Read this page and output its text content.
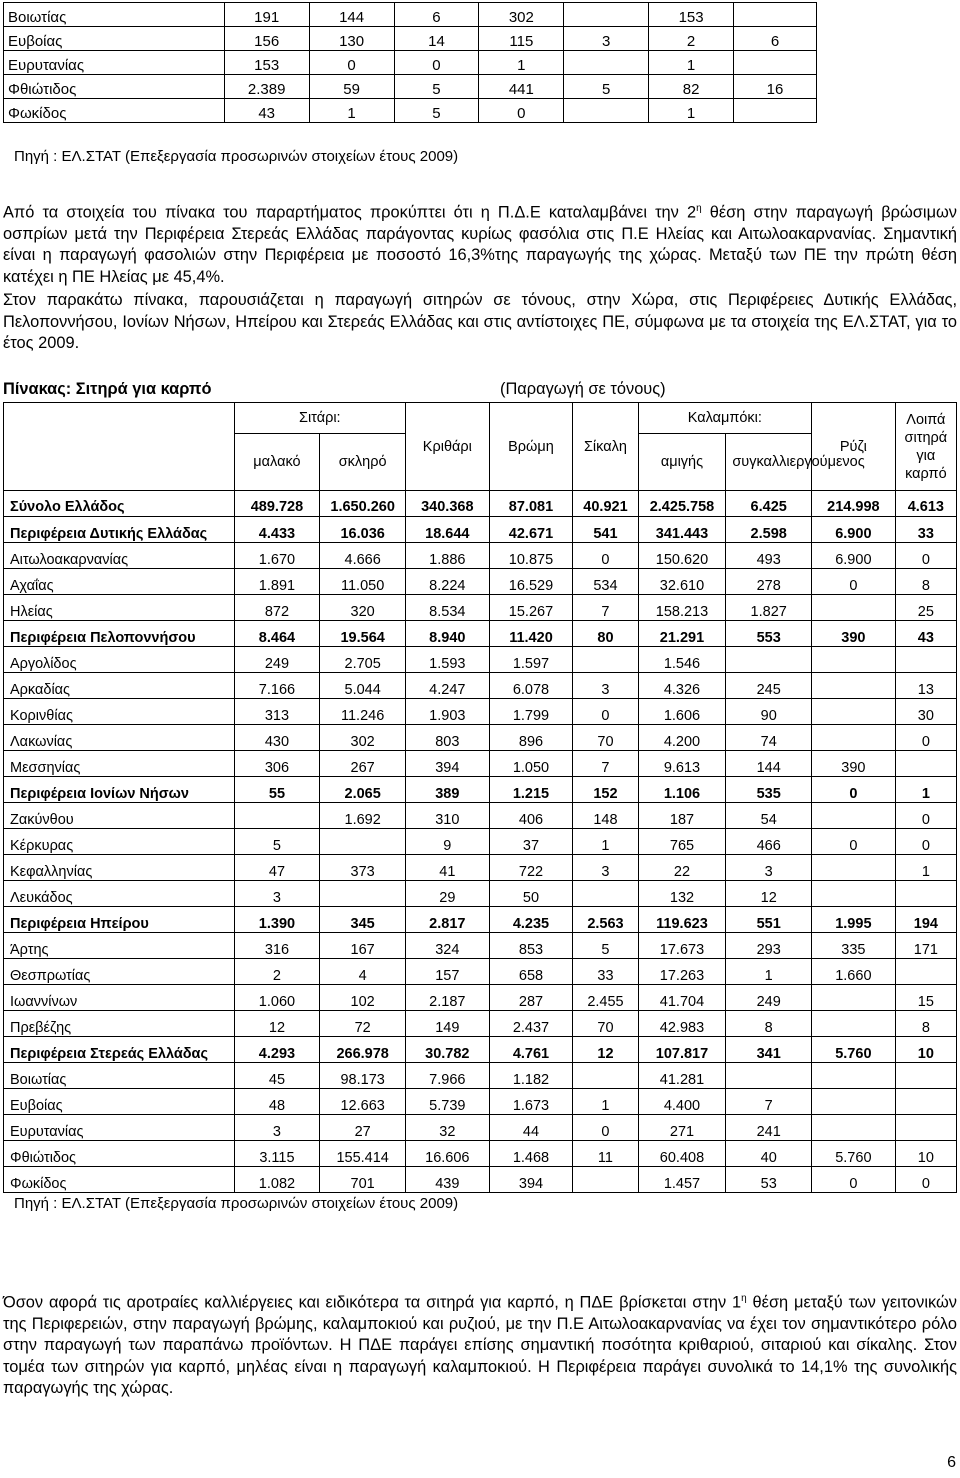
Βοιωτίας	191	144	6	302		153	
Ευβοίας	156	130	14	115	3	2	6
Ευρυτανίας	153	0	0	1		1	
Φθιώτιδος	2.389	59	5	441	5	82	16
Φωκίδος	43	1	5	0		1	
Πηγή : ΕΛ.ΣΤΑΤ (Επεξεργασία προσωρινών στοιχείων έτους 2009)

Από τα στοιχεία του πίνακα του παραρτήματος προκύπτει ότι η Π.Δ.Ε καταλαμβάνει την $2^\eta$ θέση στην παραγωγή βρώσιμων οσπρίων μετά την Περιφέρεια Στερεάς Ελλάδας παράγοντας κυρίως φασόλια στις Π.Ε Ηλείας και Αιτωλοακαρνανίας. Σημαντική είναι η παραγωγή φασολιών στην Περιφέρεια με ποσοστό 16,3%της παραγωγής της χώρας. Μεταξύ των ΠΕ την πρώτη θέση κατέχει η ΠΕ Ηλείας με 45,4%.

Στον παρακάτω πίνακα, παρουσιάζεται η παραγωγή σιτηρών σε τόνους, στην Χώρα, στις Περιφέρειες Δυτικής Ελλάδας, Πελοποννήσου, Ιονίων Νήσων, Ηπείρου και Στερεάς Ελλάδας και στις αντίστοιχες ΠΕ, σύμφωνα με τα στοιχεία της ΕΛ.ΣΤΑΤ, για το έτος 2009.
Πίνακας: Σιτηρά για καρπό	(Παραγωγή σε τόνους)
	Σιτάρι:		Κριθάρι	Βρώμη	Σίκαλη	Καλαμπόκι:		Ρύζι	Λοιπά σιτηρά για καρπό
	μαλακό	σκληρό				αμιγής	συγκαλλιεργούμενος		
Σύνολο Ελλάδος	489.728	1.650.260	340.368	87.081	40.921	2.425.758	6.425	214.998	4.613
Περιφέρεια Δυτικής Ελλάδας	4.433	16.036	18.644	42.671	541	341.443	2.598	6.900	33
Αιτωλοακαρνανίας	1.670	4.666	1.886	10.875	0	150.620	493	6.900	0
Αχαΐας	1.891	11.050	8.224	16.529	534	32.610	278	0	8
Ηλείας	872	320	8.534	15.267	7	158.213	1.827		25
Περιφέρεια Πελοποννήσου	8.464	19.564	8.940	11.420	80	21.291	553	390	43
Αργολίδος	249	2.705	1.593	1.597		1.546			
Αρκαδίας	7.166	5.044	4.247	6.078	3	4.326	245		13
Κορινθίας	313	11.246	1.903	1.799	0	1.606	90		30
Λακωνίας	430	302	803	896	70	4.200	74		0
Μεσσηνίας	306	267	394	1.050	7	9.613	144	390	
Περιφέρεια Ιονίων Νήσων	55	2.065	389	1.215	152	1.106	535	0	1
Ζακύνθου		1.692	310	406	148	187	54		0
Κέρκυρας	5		9	37	1	765	466	0	0
Κεφαλληνίας	47	373	41	722	3	22	3		1
Λευκάδος	3		29	50		132	12		
Περιφέρεια Ηπείρου	1.390	345	2.817	4.235	2.563	119.623	551	1.995	194
Άρτης	316	167	324	853	5	17.673	293	335	171
Θεσπρωτίας	2	4	157	658	33	17.263	1	1.660	
Ιωαννίνων	1.060	102	2.187	287	2.455	41.704	249		15
Πρεβέζης	12	72	149	2.437	70	42.983	8		8
Περιφέρεια Στερεάς Ελλάδας	4.293	266.978	30.782	4.761	12	107.817	341	5.760	10
Βοιωτίας	45	98.173	7.966	1.182		41.281			
Ευβοίας	48	12.663	5.739	1.673	1	4.400	7		
Ευρυτανίας	3	27	32	44	0	271	241		
Φθιώτιδος	3.115	155.414	16.606	1.468	11	60.408	40	5.760	10
Φωκίδος	1.082	701	439	394		1.457	53	0	0
Πηγή : ΕΛ.ΣΤΑΤ (Επεξεργασία προσωρινών στοιχείων έτους 2009)

Όσον αφορά τις αροτραίες καλλιέργειες και ειδικότερα τα σιτηρά για καρπό, η ΠΔΕ βρίσκεται στην $1^\eta$ θέση μεταξύ των γειτονικών της Περιφερειών, στην παραγωγή βρώμης, καλαμποκιού και ρυζιού, με την Π.Ε Αιτωλοακαρνανίας να έχει τον σημαντικότερο ρόλο στην παραγωγή των παραπάνω προϊόντων. Η ΠΔΕ παράγει επίσης σημαντική ποσότητα κριθαριού, σιταριού και σίκαλης. Στον τομέα των σιτηρών για καρπό, μηλέας είναι η παραγωγή καλαμποκιού. Η Περιφέρεια παράγει συνολικά το 14,1% της συνολικής παραγωγής της χώρας.

6
